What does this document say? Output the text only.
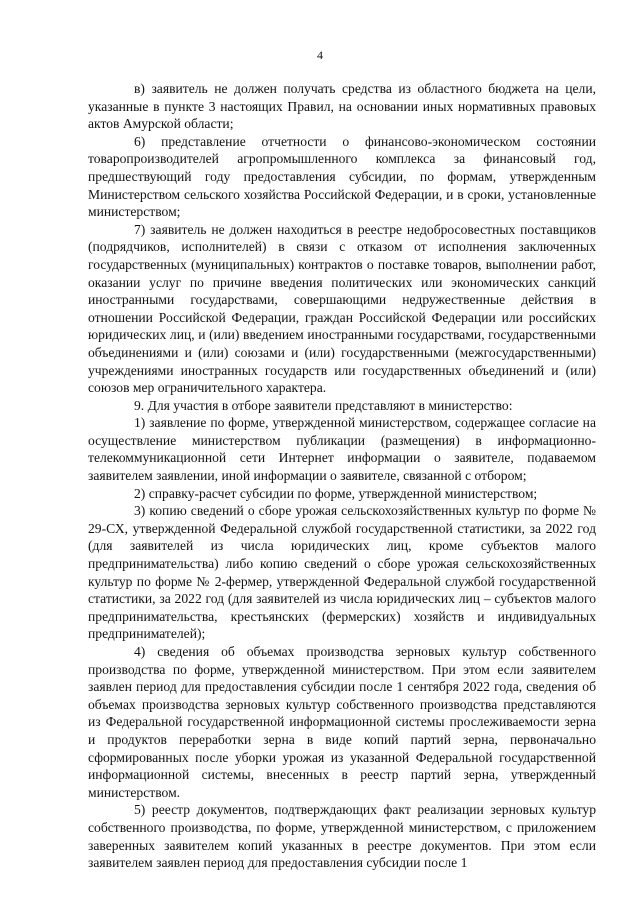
4

в) заявитель не должен получать средства из областного бюджета на цели, указанные в пункте 3 настоящих Правил, на основании иных нормативных правовых актов Амурской области;

6) представление отчетности о финансово-экономическом состоянии товаропроизводителей агропромышленного комплекса за финансовый год, предшествующий году предоставления субсидии, по формам, утвержденным Министерством сельского хозяйства Российской Федерации, и в сроки, установленные министерством;

7) заявитель не должен находиться в реестре недобросовестных поставщиков (подрядчиков, исполнителей) в связи с отказом от исполнения заключенных государственных (муниципальных) контрактов о поставке товаров, выполнении работ, оказании услуг по причине введения политических или экономических санкций иностранными государствами, совершающими недружественные действия в отношении Российской Федерации, граждан Российской Федерации или российских юридических лиц, и (или) введением иностранными государствами, государственными объединениями и (или) союзами и (или) государственными (межгосударственными) учреждениями иностранных государств или государственных объединений и (или) союзов мер ограничительного характера.

9. Для участия в отборе заявители представляют в министерство:

1) заявление по форме, утвержденной министерством, содержащее согласие на осуществление министерством публикации (размещения) в информационно-телекоммуникационной сети Интернет информации о заявителе, подаваемом заявителем заявлении, иной информации о заявителе, связанной с отбором;

2) справку-расчет субсидии по форме, утвержденной министерством;

3) копию сведений о сборе урожая сельскохозяйственных культур по форме № 29-СХ, утвержденной Федеральной службой государственной статистики, за 2022 год (для заявителей из числа юридических лиц, кроме субъектов малого предпринимательства) либо копию сведений о сборе урожая сельскохозяйственных культур по форме № 2-фермер, утвержденной Федеральной службой государственной статистики, за 2022 год (для заявителей из числа юридических лиц – субъектов малого предпринимательства, крестьянских (фермерских) хозяйств и индивидуальных предпринимателей);

4) сведения об объемах производства зерновых культур собственного производства по форме, утвержденной министерством. При этом если заявителем заявлен период для предоставления субсидии после 1 сентября 2022 года, сведения об объемах производства зерновых культур собственного производства представляются из Федеральной государственной информационной системы прослеживаемости зерна и продуктов переработки зерна в виде копий партий зерна, первоначально сформированных после уборки урожая из указанной Федеральной государственной информационной системы, внесенных в реестр партий зерна, утвержденный министерством.

5) реестр документов, подтверждающих факт реализации зерновых культур собственного производства, по форме, утвержденной министерством, с приложением заверенных заявителем копий указанных в реестре документов. При этом если заявителем заявлен период для предоставления субсидии после 1
